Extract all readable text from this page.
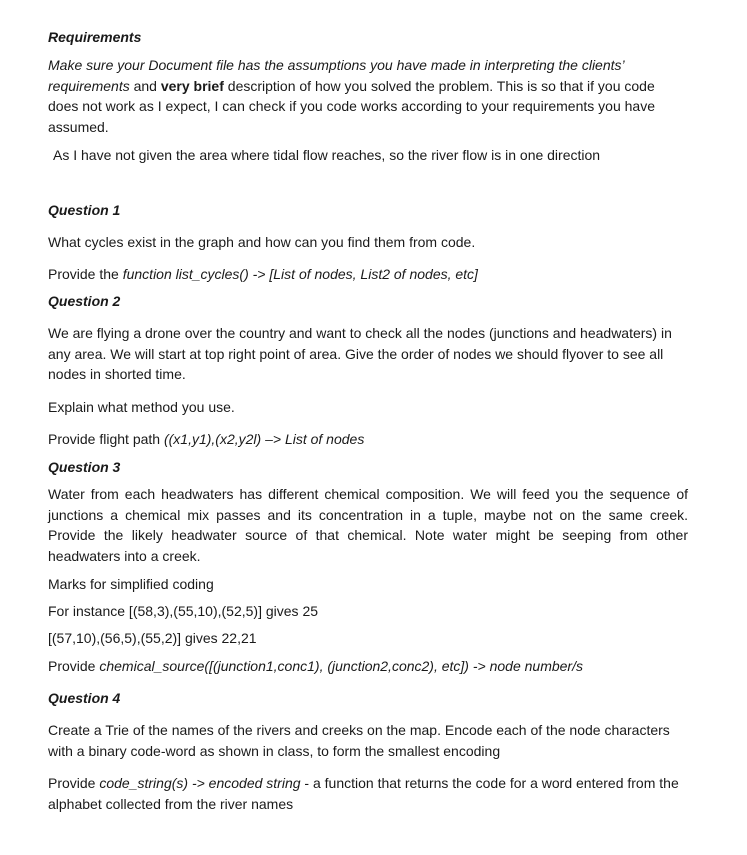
Requirements

Make sure your Document file has the assumptions you have made in interpreting the clients’ requirements and very brief description of how you solved the problem. This is so that if you code does not work as I expect, I can check if you code works according to your requirements you have assumed.

As I have not given the area where tidal flow reaches, so the river flow is in one direction

Question 1

What cycles exist in the graph and how can you find them from code.

Provide the function list_cycles() -> [List of nodes, List2 of nodes, etc]

Question 2

We are flying a drone over the country and want to check all the nodes (junctions and headwaters) in any area. We will start at top right point of area. Give the order of nodes we should flyover to see all nodes in shorted time.

Explain what method you use.

Provide flight path ((x1,y1),(x2,y2l) –> List of nodes

Question 3

Water from each headwaters has different chemical composition. We will feed you the sequence of junctions a chemical mix passes and its concentration in a tuple, maybe not on the same creek. Provide the likely headwater source of that chemical. Note water might be seeping from other headwaters into a creek.

Marks for simplified coding

For instance [(58,3),(55,10),(52,5)] gives 25

[(57,10),(56,5),(55,2)] gives 22,21

Provide chemical_source([(junction1,conc1), (junction2,conc2), etc]) -> node number/s

Question 4

Create a Trie of the names of the rivers and creeks on the map. Encode each of the node characters with a binary code-word as shown in class, to form the smallest encoding

Provide code_string(s) -> encoded string - a function that returns the code for a word entered from the alphabet collected from the river names
